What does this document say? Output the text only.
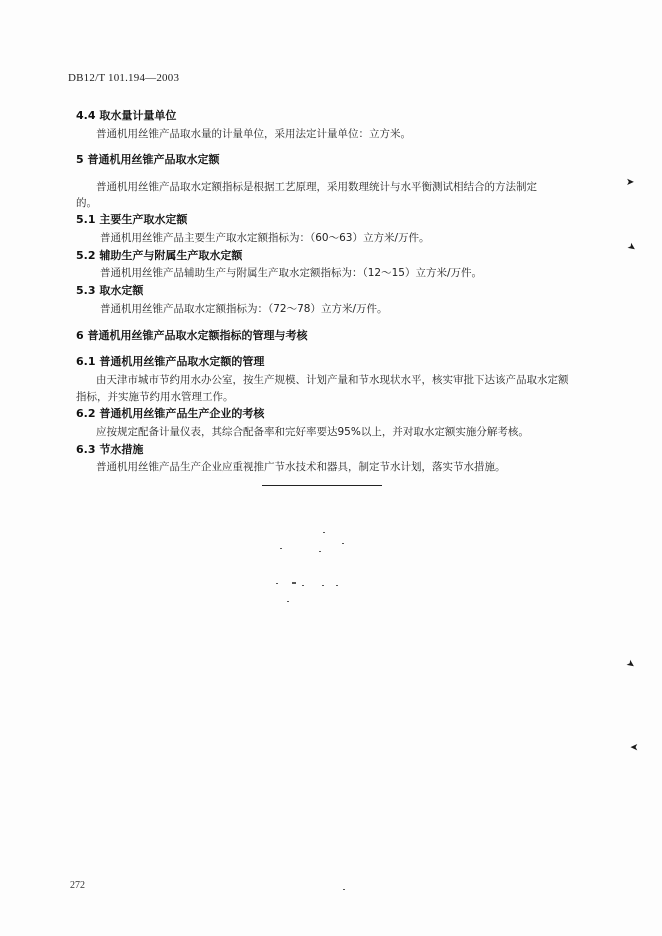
DB12/T 101.194—2003
4.4 取水量计量单位
普通机用丝锥产品取水量的计量单位，采用法定计量单位：立方米。
5 普通机用丝锥产品取水定额
普通机用丝锥产品取水定额指标是根据工艺原理，采用数理统计与水平衡测试相结合的方法制定
的。
5.1 主要生产取水定额
普通机用丝锥产品主要生产取水定额指标为：（60～63）立方米/万件。
5.2 辅助生产与附属生产取水定额
普通机用丝锥产品辅助生产与附属生产取水定额指标为：（12～15）立方米/万件。
5.3 取水定额
普通机用丝锥产品取水定额指标为：（72～78）立方米/万件。
6 普通机用丝锥产品取水定额指标的管理与考核
6.1 普通机用丝锥产品取水定额的管理
由天津市城市节约用水办公室，按生产规模、计划产量和节水现状水平，核实审批下达该产品取水定额
指标，并实施节约用水管理工作。
6.2 普通机用丝锥产品生产企业的考核
应按规定配备计量仪表，其综合配备率和完好率要达95%以上，并对取水定额实施分解考核。
6.3 节水措施
普通机用丝锥产品生产企业应重视推广节水技术和器具，制定节水计划，落实节水措施。
➤
➤
➤
➤
272
